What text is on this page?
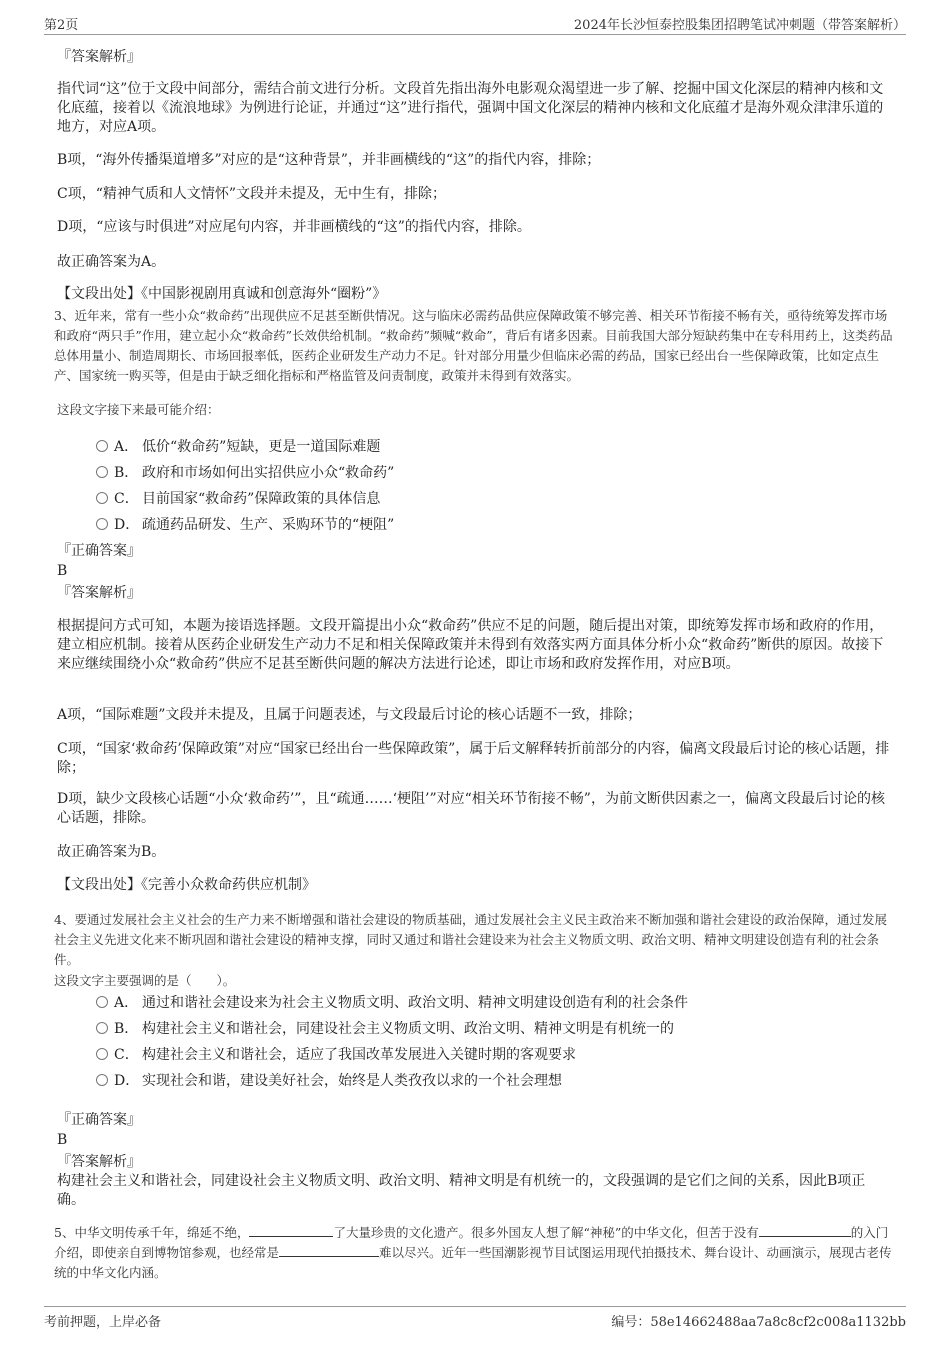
第2页	2024年长沙恒泰控股集团招聘笔试冲刺题（带答案解析）
『答案解析』
指代词“这”位于文段中间部分，需结合前文进行分析。文段首先指出海外电影观众渴望进一步了解、挖掘中国文化深层的精神内核和文化底蕴，接着以《流浪地球》为例进行论证，并通过“这”进行指代，强调中国文化深层的精神内核和文化底蕴才是海外观众津津乐道的地方，对应A项。
B项，“海外传播渠道增多”对应的是“这种背景”，并非画横线的“这”的指代内容，排除；
C项，“精神气质和人文情怀”文段并未提及，无中生有，排除；
D项，“应该与时俱进”对应尾句内容，并非画横线的“这”的指代内容，排除。
故正确答案为A。
【文段出处】《中国影视剧用真诚和创意海外“圈粉”》
3、近年来，常有一些小众“救命药”出现供应不足甚至断供情况。这与临床必需药品供应保障政策不够完善、相关环节衔接不畅有关，亟待统筹发挥市场和政府“两只手”作用，建立起小众“救命药”长效供给机制。“救命药”频喊“救命”，背后有诸多因素。目前我国大部分短缺药集中在专科用药上，这类药品总体用量小、制造周期长、市场回报率低，医药企业研发生产动力不足。针对部分用量少但临床必需的药品，国家已经出台一些保障政策，比如定点生产、国家统一购买等，但是由于缺乏细化指标和严格监管及问责制度，政策并未得到有效落实。
这段文字接下来最可能介绍：
A． 低价“救命药”短缺，更是一道国际难题
B． 政府和市场如何出实招供应小众“救命药”
C． 目前国家“救命药”保障政策的具体信息
D． 疏通药品研发、生产、采购环节的“梗阻”
『正确答案』
B
『答案解析』
根据提问方式可知，本题为接语选择题。文段开篇提出小众“救命药”供应不足的问题，随后提出对策，即统筹发挥市场和政府的作用，建立相应机制。接着从医药企业研发生产动力不足和相关保障政策并未得到有效落实两方面具体分析小众“救命药”断供的原因。故接下来应继续围绕小众“救命药”供应不足甚至断供问题的解决方法进行论述，即让市场和政府发挥作用，对应B项。
A项，“国际难题”文段并未提及，且属于问题表述，与文段最后讨论的核心话题不一致，排除；
C项，“国家‘救命药’保障政策”对应“国家已经出台一些保障政策”，属于后文解释转折前部分的内容，偏离文段最后讨论的核心话题，排除；
D项，缺少文段核心话题“小众‘救命药’”，且“疏通……‘梗阻’”对应“相关环节衔接不畅”，为前文断供因素之一，偏离文段最后讨论的核心话题，排除。
故正确答案为B。
【文段出处】《完善小众救命药供应机制》
4、要通过发展社会主义社会的生产力来不断增强和谐社会建设的物质基础，通过发展社会主义民主政治来不断加强和谐社会建设的政治保障，通过发展社会主义先进文化来不断巩固和谐社会建设的精神支撑，同时又通过和谐社会建设来为社会主义物质文明、政治文明、精神文明建设创造有利的社会条件。
这段文字主要强调的是（　　）。
A． 通过和谐社会建设来为社会主义物质文明、政治文明、精神文明建设创造有利的社会条件
B． 构建社会主义和谐社会，同建设社会主义物质文明、政治文明、精神文明是有机统一的
C． 构建社会主义和谐社会，适应了我国改革发展进入关键时期的客观要求
D． 实现社会和谐，建设美好社会，始终是人类孜孜以求的一个社会理想
『正确答案』
B
『答案解析』
构建社会主义和谐社会，同建设社会主义物质文明、政治文明、精神文明是有机统一的，文段强调的是它们之间的关系，因此B项正确。
5、中华文明传承千年，绵延不绝，	了大量珍贵的文化遗产。很多外国友人想了解“神秘”的中华文化，但苦于没有	的入门介绍，即使亲自到博物馆参观，也经常是	难以尽兴。近年一些国潮影视节目试图运用现代拍摄技术、舞台设计、动画演示，展现古老传统的中华文化内涵。
考前押题，上岸必备	编号：58e14662488aa7a8c8cf2c008a1132bb
